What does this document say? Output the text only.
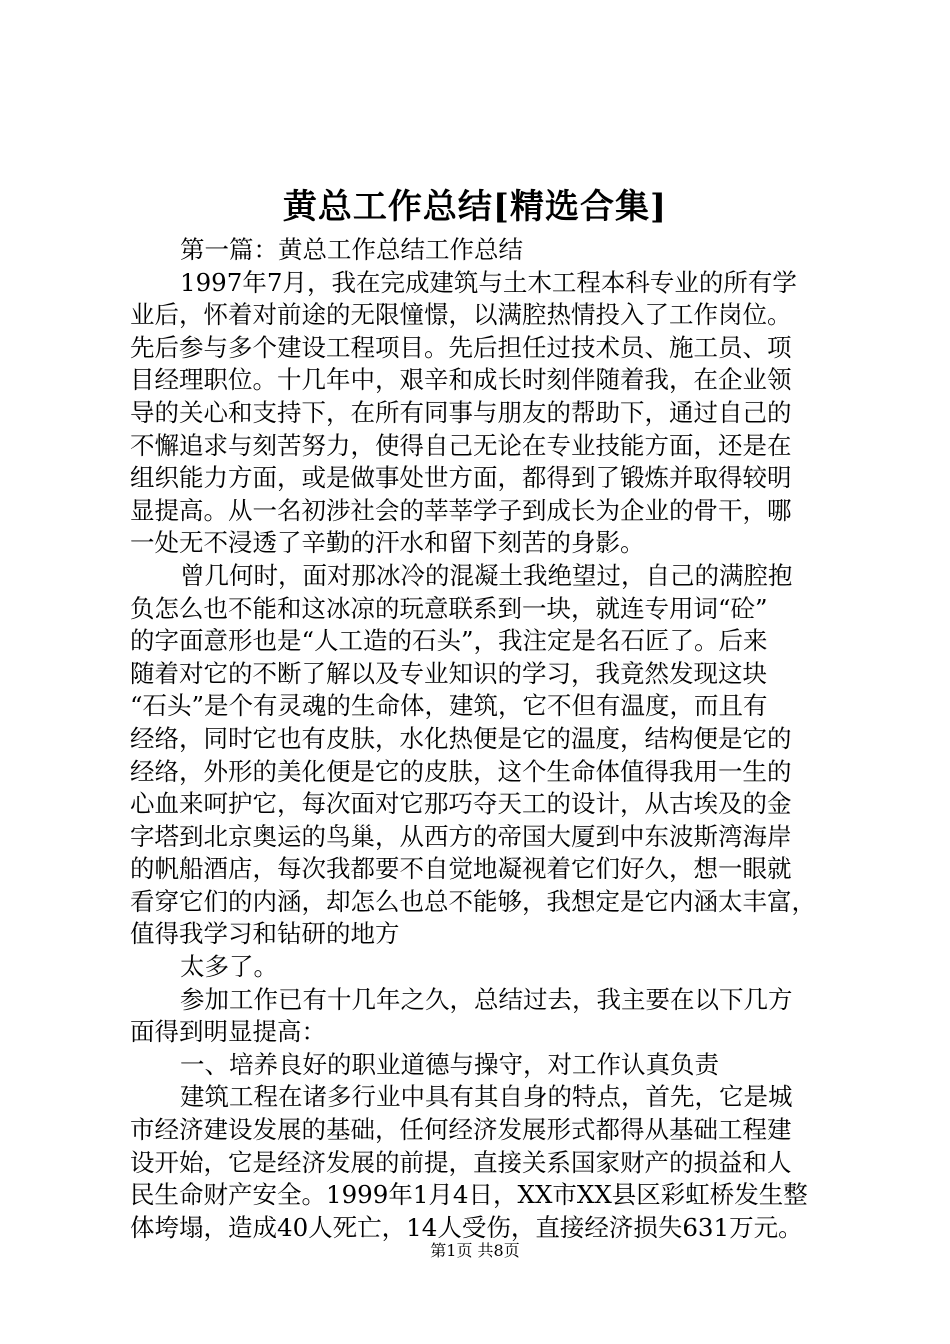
黄总工作总结[精选合集]
第一篇：黄总工作总结工作总结
1997年7月，我在完成建筑与土木工程本科专业的所有学
业后，怀着对前途的无限憧憬，以满腔热情投入了工作岗位。
先后参与多个建设工程项目。先后担任过技术员、施工员、项
目经理职位。十几年中，艰辛和成长时刻伴随着我，在企业领
导的关心和支持下，在所有同事与朋友的帮助下，通过自己的
不懈追求与刻苦努力，使得自己无论在专业技能方面，还是在
组织能力方面，或是做事处世方面，都得到了锻炼并取得较明
显提高。从一名初涉社会的莘莘学子到成长为企业的骨干，哪
一处无不浸透了辛勤的汗水和留下刻苦的身影。
曾几何时，面对那冰冷的混凝土我绝望过，自己的满腔抱
负怎么也不能和这冰凉的玩意联系到一块，就连专用词“砼”
的字面意形也是“人工造的石头”，我注定是名石匠了。后来
随着对它的不断了解以及专业知识的学习，我竟然发现这块
“石头”是个有灵魂的生命体，建筑，它不但有温度，而且有
经络，同时它也有皮肤，水化热便是它的温度，结构便是它的
经络，外形的美化便是它的皮肤，这个生命体值得我用一生的
心血来呵护它，每次面对它那巧夺天工的设计，从古埃及的金
字塔到北京奥运的鸟巢，从西方的帝国大厦到中东波斯湾海岸
的帆船酒店，每次我都要不自觉地凝视着它们好久，想一眼就
看穿它们的内涵，却怎么也总不能够，我想定是它内涵太丰富，
值得我学习和钻研的地方
太多了。
参加工作已有十几年之久，总结过去，我主要在以下几方
面得到明显提高：
一、培养良好的职业道德与操守，对工作认真负责
建筑工程在诸多行业中具有其自身的特点，首先，它是城
市经济建设发展的基础，任何经济发展形式都得从基础工程建
设开始，它是经济发展的前提，直接关系国家财产的损益和人
民生命财产安全。1999年1月4日，XX市XX县区彩虹桥发生整
体垮塌，造成40人死亡，14人受伤，直接经济损失631万元。
第1页 共8页
